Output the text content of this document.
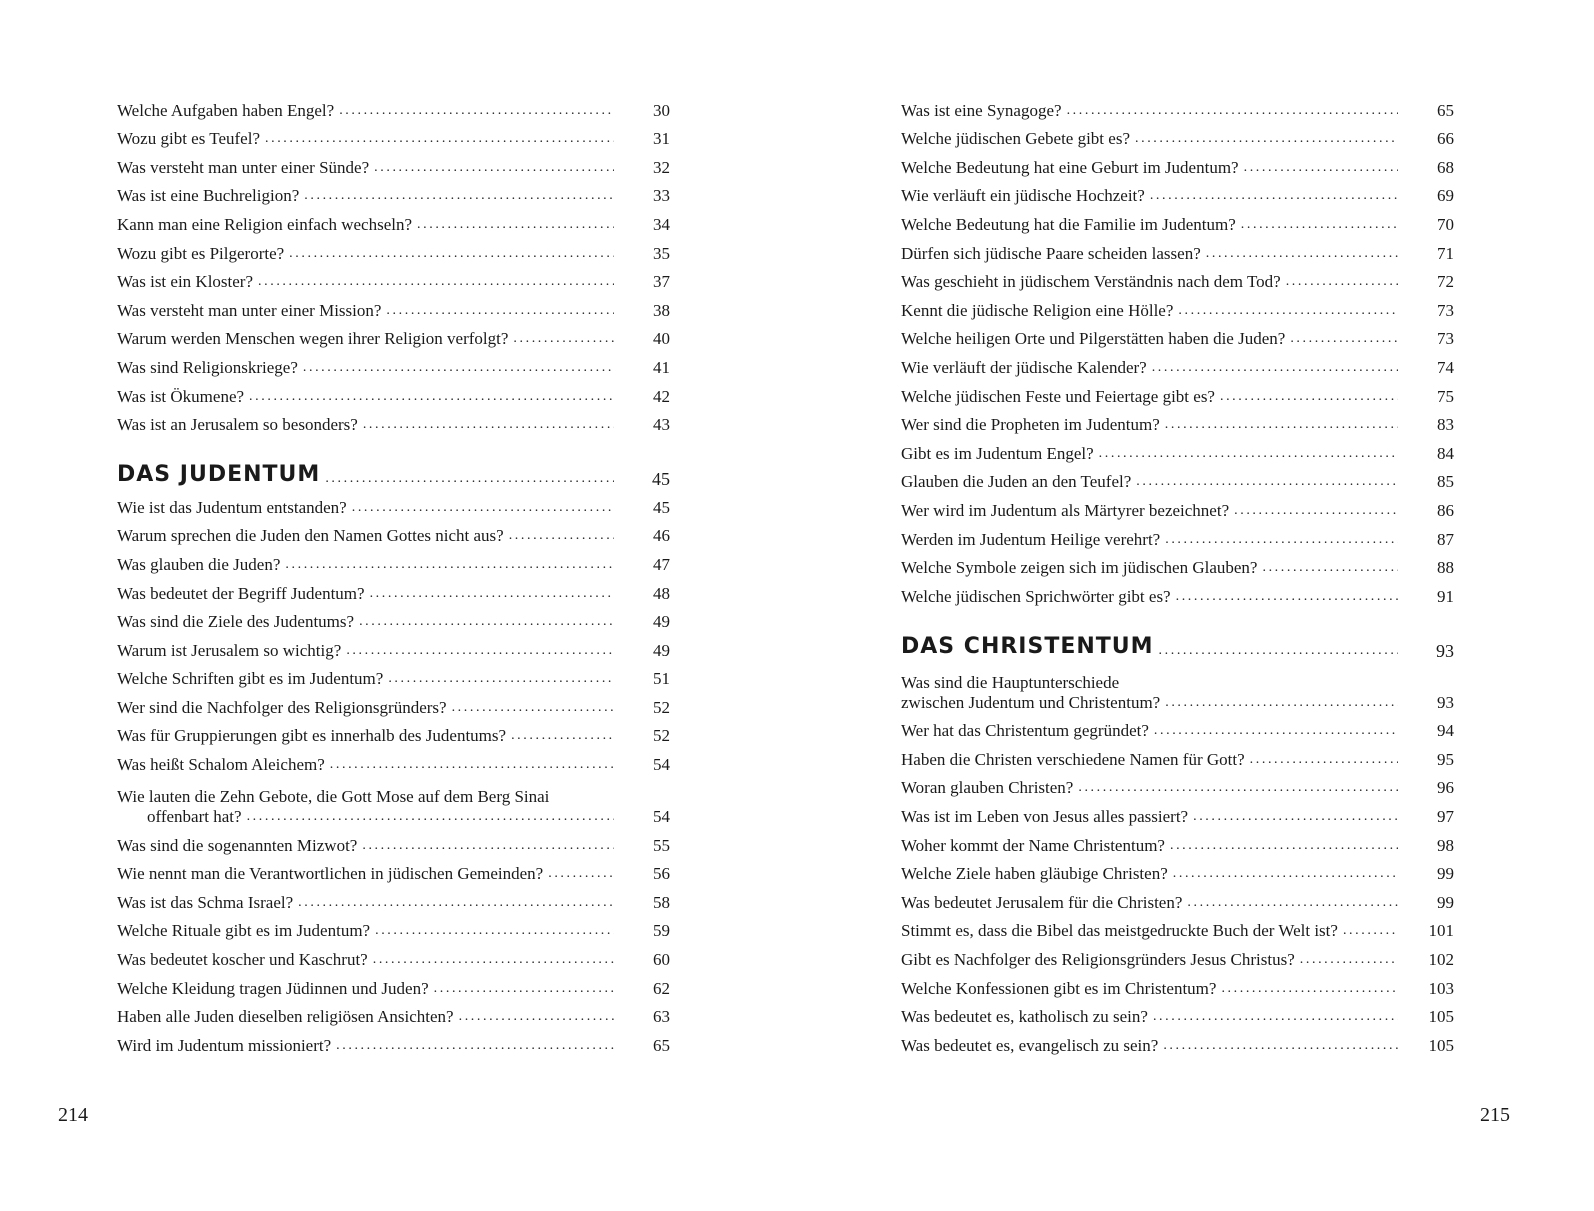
Welche Aufgaben haben Engel? .....	30
Wozu gibt es Teufel? .....	31
Was versteht man unter einer Sünde? .....	32
Was ist eine Buchreligion? .....	33
Kann man eine Religion einfach wechseln? .....	34
Wozu gibt es Pilgerorte? .....	35
Was ist ein Kloster? .....	37
Was versteht man unter einer Mission? .....	38
Warum werden Menschen wegen ihrer Religion verfolgt? .....	40
Was sind Religionskriege? .....	41
Was ist Ökumene? .....	42
Was ist an Jerusalem so besonders? .....	43
DAS JUDENTUM .....	45
Wie ist das Judentum entstanden? .....	45
Warum sprechen die Juden den Namen Gottes nicht aus? .....	46
Was glauben die Juden? .....	47
Was bedeutet der Begriff Judentum? .....	48
Was sind die Ziele des Judentums? .....	49
Warum ist Jerusalem so wichtig? .....	49
Welche Schriften gibt es im Judentum? .....	51
Wer sind die Nachfolger des Religionsgründers? .....	52
Was für Gruppierungen gibt es innerhalb des Judentums? .....	52
Was heißt Schalom Aleichem? .....	54
Wie lauten die Zehn Gebote, die Gott Mose auf dem Berg Sinai
offenbart hat? .....	54
Was sind die sogenannten Mizwot? .....	55
Wie nennt man die Verantwortlichen in jüdischen Gemeinden? .....	56
Was ist das Schma Israel? .....	58
Welche Rituale gibt es im Judentum? .....	59
Was bedeutet koscher und Kaschrut? .....	60
Welche Kleidung tragen Jüdinnen und Juden? .....	62
Haben alle Juden dieselben religiösen Ansichten? .....	63
Wird im Judentum missioniert? .....	65
Was ist eine Synagoge? .....	65
Welche jüdischen Gebete gibt es? .....	66
Welche Bedeutung hat eine Geburt im Judentum? .....	68
Wie verläuft ein jüdische Hochzeit? .....	69
Welche Bedeutung hat die Familie im Judentum? .....	70
Dürfen sich jüdische Paare scheiden lassen? .....	71
Was geschieht in jüdischem Verständnis nach dem Tod? .....	72
Kennt die jüdische Religion eine Hölle? .....	73
Welche heiligen Orte und Pilgerstätten haben die Juden? .....	73
Wie verläuft der jüdische Kalender? .....	74
Welche jüdischen Feste und Feiertage gibt es? .....	75
Wer sind die Propheten im Judentum? .....	83
Gibt es im Judentum Engel? .....	84
Glauben die Juden an den Teufel? .....	85
Wer wird im Judentum als Märtyrer bezeichnet? .....	86
Werden im Judentum Heilige verehrt? .....	87
Welche Symbole zeigen sich im jüdischen Glauben? .....	88
Welche jüdischen Sprichwörter gibt es? .....	91
DAS CHRISTENTUM .....	93
Was sind die Hauptunterschiede
zwischen Judentum und Christentum? .....	93
Wer hat das Christentum gegründet? .....	94
Haben die Christen verschiedene Namen für Gott? .....	95
Woran glauben Christen? .....	96
Was ist im Leben von Jesus alles passiert? .....	97
Woher kommt der Name Christentum? .....	98
Welche Ziele haben gläubige Christen? .....	99
Was bedeutet Jerusalem für die Christen? .....	99
Stimmt es, dass die Bibel das meistgedruckte Buch der Welt ist? .....	101
Gibt es Nachfolger des Religionsgründers Jesus Christus? .....	102
Welche Konfessionen gibt es im Christentum? .....	103
Was bedeutet es, katholisch zu sein? .....	105
Was bedeutet es, evangelisch zu sein? .....	105
214	215
